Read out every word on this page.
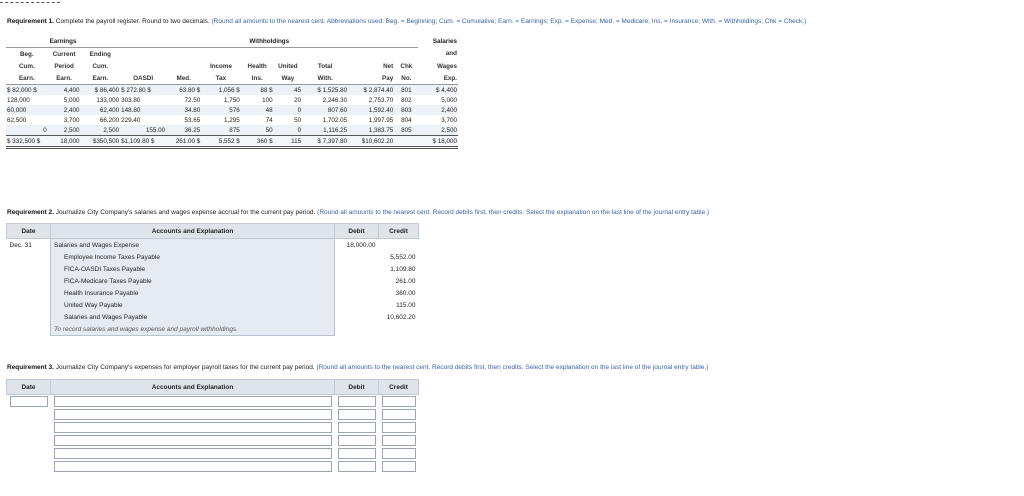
Requirement 1. Complete the payroll register. Round to two decimals. (Round all amounts to the nearest cent. Abbreviations used: Beg. = Beginning; Cum. = Cumulative; Earn. = Earnings; Exp. = Expense; Med. = Medicare; Ins. = Insurance; With. = Withholdings; Chk = Check.)
Earnings			Withholdings								Salaries
Beg.	Current	Ending									and
Cum.	Period	Cum.			Income	Health	United	Total	Net	Chk	Wages
Earn.	Earn.	Earn.	OASDI	Med.	Tax	Ins.	Way	With.	Pay	No.	Exp.
$ 82,000 $	4,400	$ 86,400	$ 272.80 $	63.80 $	1,056 $	88 $	45	$ 1,525.80	$ 2,874.40	801	$ 4,400
128,000	5,000	133,000	303.80	72.50	1,750	100	20	2,246.30	2,753.70	802	5,000
60,000	2,400	62,400	148.80	34.80	576	48	0	807.60	1,592.40	803	2,400
62,500	3,700	66,200	229.40	53.65	1,295	74	50	1,702.05	1,997.95	804	3,700
0	2,500	2,500	155.00	36.25	875	50	0	1,116.25	1,383.75	805	2,500
$ 332,500 $	18,000	$350,500	$1,109.80 $	261.00 $	5,552 $	360 $	115	$ 7,397.80	$10,602.20		$ 18,000
Requirement 2. Journalize City Company's salaries and wages expense accrual for the current pay period. (Round all amounts to the nearest cent. Record debits first, then credits. Select the explanation on the last line of the journal entry table.)
Date	Accounts and Explanation	Debit	Credit
Dec. 31	Salaries and Wages Expense	18,000.00	
	Employee Income Taxes Payable		5,552.00
	FICA-OASDI Taxes Payable		1,109.80
	FICA-Medicare Taxes Payable		261.00
	Health Insurance Payable		360.00
	United Way Payable		115.00
	Salaries and Wages Payable		10,602.20
	To record salaries and wages expense and payroll withholdings.		
Requirement 3. Journalize City Company's expenses for employer payroll taxes for the current pay period. (Round all amounts to the nearest cent. Record debits first, then credits. Select the explanation on the last line of the journal entry table.)
Date	Accounts and Explanation	Debit	Credit
